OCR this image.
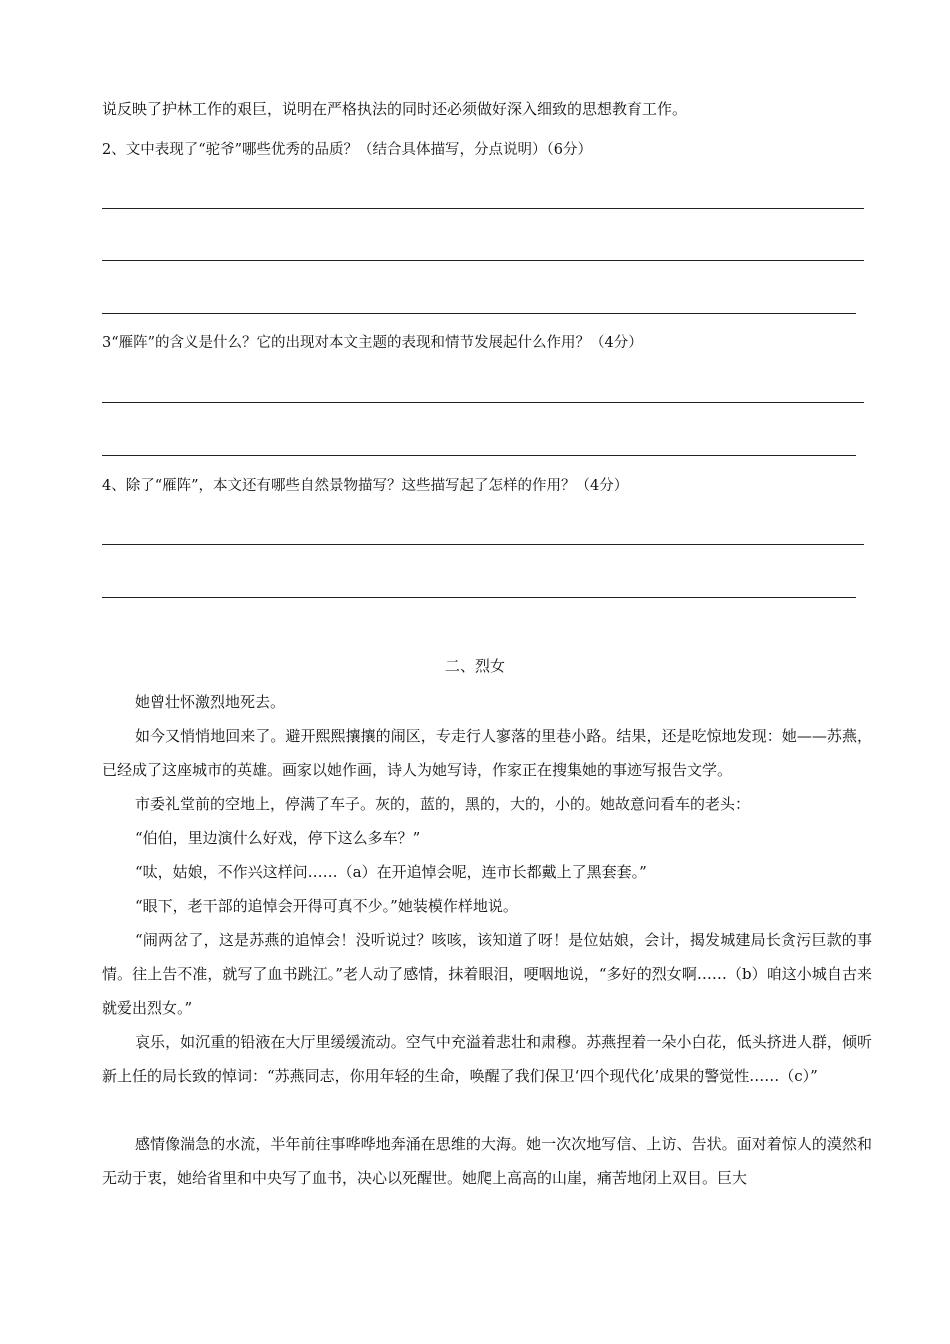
说反映了护林工作的艰巨，说明在严格执法的同时还必须做好深入细致的思想教育工作。
2、文中表现了“驼爷”哪些优秀的品质？（结合具体描写，分点说明）（6分）
3“雁阵”的含义是什么？它的出现对本文主题的表现和情节发展起什么作用？（4分）
4、除了“雁阵”，本文还有哪些自然景物描写？这些描写起了怎样的作用？（4分）
二、烈女
她曾壮怀激烈地死去。
如今又悄悄地回来了。避开熙熙攘攘的闹区，专走行人寥落的里巷小路。结果，还是吃惊地发现：她——苏燕，已经成了这座城市的英雄。画家以她作画，诗人为她写诗，作家正在搜集她的事迹写报告文学。
市委礼堂前的空地上，停满了车子。灰的，蓝的，黑的，大的，小的。她故意问看车的老头：
“伯伯，里边演什么好戏，停下这么多车？”
“呔，姑娘，不作兴这样问……（a）在开追悼会呢，连市长都戴上了黑套套。”
“眼下，老干部的追悼会开得可真不少。”她装模作样地说。
“闹两岔了，这是苏燕的追悼会！没听说过？咳咳，该知道了呀！是位姑娘，会计，揭发城建局长贪污巨款的事情。往上告不准，就写了血书跳江。”老人动了感情，抹着眼泪，哽咽地说，“多好的烈女啊……（b）咱这小城自古来就爱出烈女。”
哀乐，如沉重的铅液在大厅里缓缓流动。空气中充溢着悲壮和肃穆。苏燕捏着一朵小白花，低头挤进人群，倾听新上任的局长致的悼词：“苏燕同志，你用年轻的生命，唤醒了我们保卫‘四个现代化’成果的警觉性……（c）”
感情像湍急的水流，半年前往事哗哗地奔涌在思维的大海。她一次次地写信、上访、告状。面对着惊人的漠然和无动于衷，她给省里和中央写了血书，决心以死醒世。她爬上高高的山崖，痛苦地闭上双目。巨大
